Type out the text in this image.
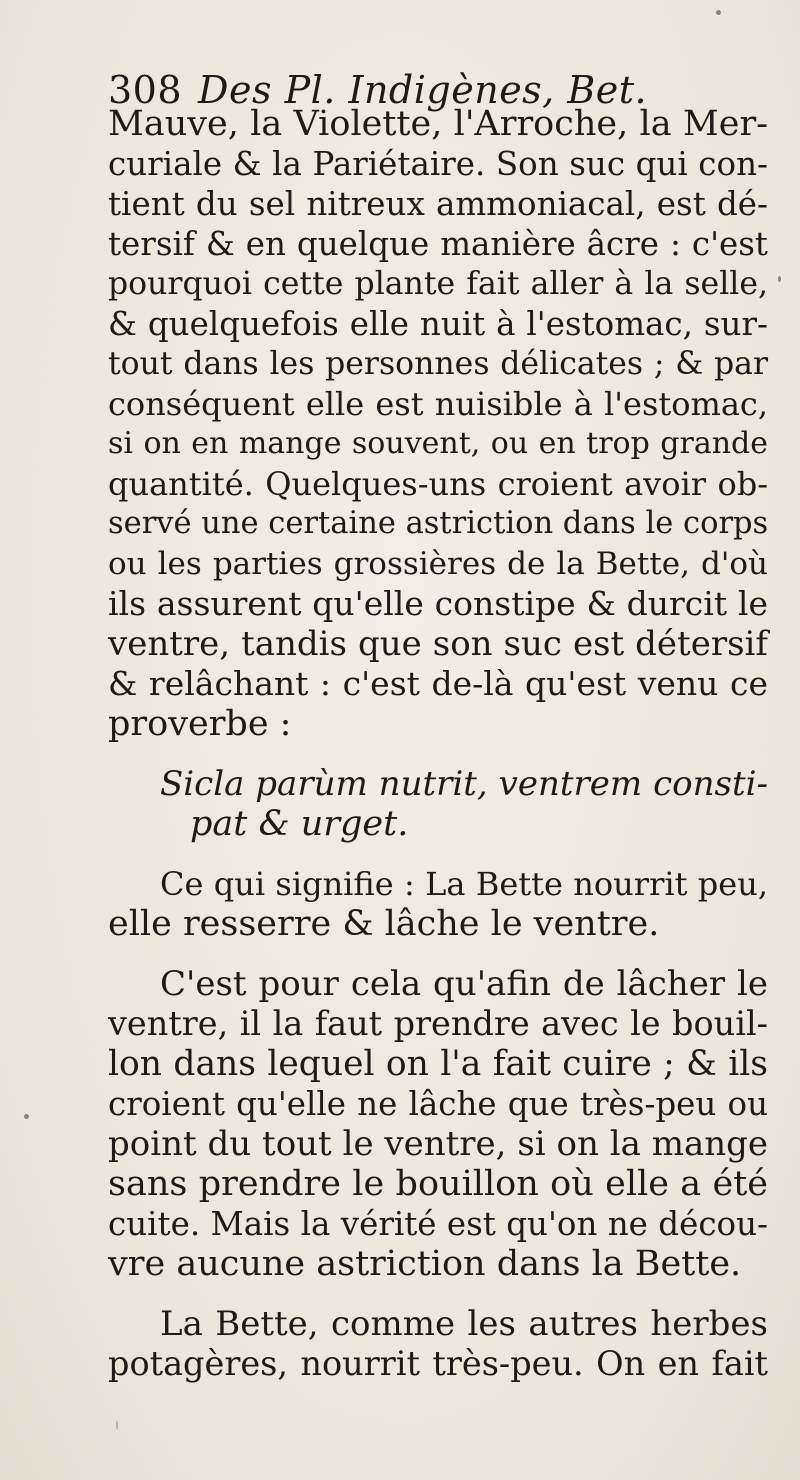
308 Des Pl. Indigènes, Bet.
Mauve, la Violette, l'Arroche, la Mer-
curiale & la Pariétaire. Son suc qui con-
tient du sel nitreux ammoniacal, est dé-
tersif & en quelque manière âcre : c'est
pourquoi cette plante fait aller à la selle,
& quelquefois elle nuit à l'estomac, sur-
tout dans les personnes délicates ; & par
conséquent elle est nuisible à l'estomac,
si on en mange souvent, ou en trop grande
quantité. Quelques-uns croient avoir ob-
servé une certaine astriction dans le corps
ou les parties grossières de la Bette, d'où
ils assurent qu'elle constipe & durcit le
ventre, tandis que son suc est détersif
& relâchant : c'est de-là qu'est venu ce
proverbe :
Sicla parùm nutrit, ventrem consti-
pat & urget.
Ce qui signifie : La Bette nourrit peu,
elle resserre & lâche le ventre.
C'est pour cela qu'afin de lâcher le
ventre, il la faut prendre avec le bouil-
lon dans lequel on l'a fait cuire ; & ils
croient qu'elle ne lâche que très-peu ou
point du tout le ventre, si on la mange
sans prendre le bouillon où elle a été
cuite. Mais la vérité est qu'on ne décou-
vre aucune astriction dans la Bette.
La Bette, comme les autres herbes
potagères, nourrit très-peu. On en fait
